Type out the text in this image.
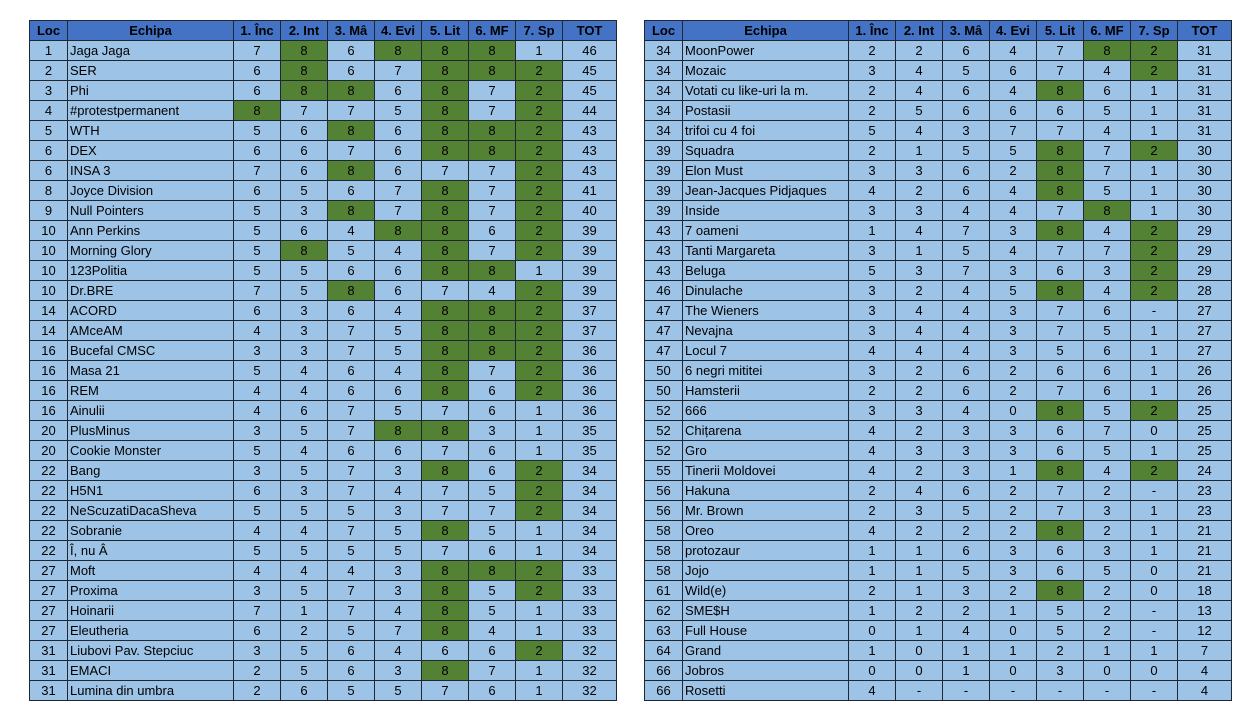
Loc	Echipa	1. Înc	2. Int	3. Mâ	4. Evi	5. Lit	6. MF	7. Sp	TOT
1	Jaga Jaga	7	8	6	8	8	8	1	46
2	SER	6	8	6	7	8	8	2	45
3	Phi	6	8	8	6	8	7	2	45
4	#protestpermanent	8	7	7	5	8	7	2	44
5	WTH	5	6	8	6	8	8	2	43
6	DEX	6	6	7	6	8	8	2	43
6	INSA 3	7	6	8	6	7	7	2	43
8	Joyce Division	6	5	6	7	8	7	2	41
9	Null Pointers	5	3	8	7	8	7	2	40
10	Ann Perkins	5	6	4	8	8	6	2	39
10	Morning Glory	5	8	5	4	8	7	2	39
10	123Politia	5	5	6	6	8	8	1	39
10	Dr.BRE	7	5	8	6	7	4	2	39
14	ACORD	6	3	6	4	8	8	2	37
14	AMceAM	4	3	7	5	8	8	2	37
16	Bucefal CMSC	3	3	7	5	8	8	2	36
16	Masa 21	5	4	6	4	8	7	2	36
16	REM	4	4	6	6	8	6	2	36
16	Ainulii	4	6	7	5	7	6	1	36
20	PlusMinus	3	5	7	8	8	3	1	35
20	Cookie Monster	5	4	6	6	7	6	1	35
22	Bang	3	5	7	3	8	6	2	34
22	H5N1	6	3	7	4	7	5	2	34
22	NeScuzatiDacaSheva	5	5	5	3	7	7	2	34
22	Sobranie	4	4	7	5	8	5	1	34
22	Î, nu Â	5	5	5	5	7	6	1	34
27	Moft	4	4	4	3	8	8	2	33
27	Proxima	3	5	7	3	8	5	2	33
27	Hoinarii	7	1	7	4	8	5	1	33
27	Eleutheria	6	2	5	7	8	4	1	33
31	Liubovi Pav. Stepciuc	3	5	6	4	6	6	2	32
31	EMACI	2	5	6	3	8	7	1	32
31	Lumina din umbra	2	6	5	5	7	6	1	32
Loc	Echipa	1. Înc	2. Int	3. Mâ	4. Evi	5. Lit	6. MF	7. Sp	TOT
34	MoonPower	2	2	6	4	7	8	2	31
34	Mozaic	3	4	5	6	7	4	2	31
34	Votati cu like-uri la m.	2	4	6	4	8	6	1	31
34	Postasii	2	5	6	6	6	5	1	31
34	trifoi cu 4 foi	5	4	3	7	7	4	1	31
39	Squadra	2	1	5	5	8	7	2	30
39	Elon Must	3	3	6	2	8	7	1	30
39	Jean-Jacques Pidjaques	4	2	6	4	8	5	1	30
39	Inside	3	3	4	4	7	8	1	30
43	7 oameni	1	4	7	3	8	4	2	29
43	Tanti Margareta	3	1	5	4	7	7	2	29
43	Beluga	5	3	7	3	6	3	2	29
46	Dinulache	3	2	4	5	8	4	2	28
47	The Wieners	3	4	4	3	7	6	-	27
47	Nevajna	3	4	4	3	7	5	1	27
47	Locul 7	4	4	4	3	5	6	1	27
50	6 negri mititei	3	2	6	2	6	6	1	26
50	Hamsterii	2	2	6	2	7	6	1	26
52	666	3	3	4	0	8	5	2	25
52	Chițarena	4	2	3	3	6	7	0	25
52	Gro	4	3	3	3	6	5	1	25
55	Tinerii Moldovei	4	2	3	1	8	4	2	24
56	Hakuna	2	4	6	2	7	2	-	23
56	Mr. Brown	2	3	5	2	7	3	1	23
58	Oreo	4	2	2	2	8	2	1	21
58	protozaur	1	1	6	3	6	3	1	21
58	Jojo	1	1	5	3	6	5	0	21
61	Wild(e)	2	1	3	2	8	2	0	18
62	SME$H	1	2	2	1	5	2	-	13
63	Full House	0	1	4	0	5	2	-	12
64	Grand	1	0	1	1	2	1	1	7
66	Jobros	0	0	1	0	3	0	0	4
66	Rosetti	4	-	-	-	-	-	-	4
